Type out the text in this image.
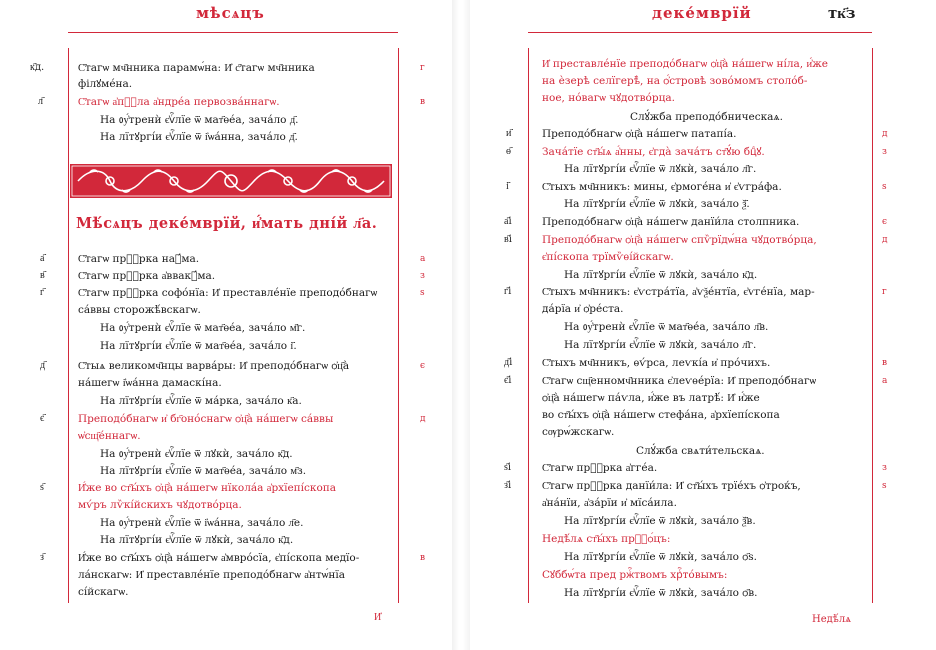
мѣсѧцъ
к҃д.
л҃
г
в
С҃тагѡ мч҃нника парамѡ́на: И҆ с҃тагѡ мч҃нника
філꙋме́на.
С҃тагѡ а҆пⷭ҇ла а҆ндре́а первозва́ннагѡ.
На ᲂу҆́тренѝ є҆ѵⷢ҇лїе ѿ мат҃ѳе́а, зача́ло д҃.
На лїтꙋргі́и є҆ѵⷢ҇лїе ѿ і҆ѡа́нна, зача́ло д҃.
Мѣ́сѧцъ деке́мврїй, и҆́мать дні́й л҃а.
а҃
в҃
г҃
д҃
є҃
ѕ҃
з҃
а
з
ѕ
є
д
в
С҃тагѡ прⷪ҇рка наꙋ́ма.
С҃тагѡ прⷪ҇рка а҆ввакꙋ́ма.
С҃тагѡ прⷪ҇рка софо́нїа: И҆ преставле́нїе преподо́бнагѡ
са́ввы сторожѣ́вскагѡ.
На ᲂу҆́тренѝ є҆ѵⷢ҇лїе ѿ мат҃ѳе́а, зача́ло м҃г.
На лїтꙋргі́и є҆ѵⷢ҇лїе ѿ мат҃ѳе́а, зача́ло і҃.
С҃тыѧ великомч҃нцы варва́ры: И҆ преподо́бнагѡ ѻ҆ц҃а̀
на́шегѡ і҆ѡа́нна дамаскі́на.
На лїтꙋргі́и є҆ѵⷢ҇лїе ѿ ма́рка, зача́ло к҃а.
Преподо́бнагѡ и҆ бг҃оно́снагѡ ѻ҆ц҃а̀ на́шегѡ са́ввы
ѡ҆сщ҃е́ннагѡ.
На ᲂу҆́тренѝ є҆ѵⷢ҇лїе ѿ лꙋкѝ, зача́ло к҃д.
На лїтꙋргі́и є҆ѵⷢ҇лїе ѿ мат҃ѳе́а, зача́ло м҃з.
И҆́же во ст҃ы́хъ ѻ҆ц҃а̀ на́шегѡ нїкола́а а҆рхїепі́скопа
мѵ́ръ лѷкі́йскихъ чꙋдотво́рца.
На ᲂу҆́тренѝ є҆ѵⷢ҇лїе ѿ і҆ѡа́нна, зача́ло л҃е.
На лїтꙋргі́и є҆ѵⷢ҇лїе ѿ лꙋкѝ, зача́ло к҃д.
И҆́же во ст҃ы́хъ ѻ҆ц҃а̀ на́шегѡ а҆мвро́сїа, є҆пі́скопа медїо-
ла́нскагѡ: И҆ преставле́нїе преподо́бнагѡ а҆нтѡ́нїа
сі́йскагѡ.
И҆
деке́мврїй	тк҃з
и҃
ѳ҃
і҃
а҃і
в҃і
г҃і
д҃і
є҃і
ѕ҃і
з҃і
д
з
ѕ
є
д
г
в
а
з
ѕ
И҆ преставле́нїе преподо́бнагѡ ѻ҆ц҃а̀ на́шегѡ ні́ла, и҆́же
на ѐзерѣ селїгерѣ̀, на ѻ҆́стровѣ зово́момъ столо́б-
ное, но́вагѡ чꙋдотво́рца.
Слꙋ́жба преподо́бническаѧ.
Преподо́бнагѡ ѻ҆ц҃а̀ на́шегѡ патапі́а.
Зача́тїе ст҃ы́ѧ а҆́нны, є҆гда̀ зача́тъ ст҃ꙋ́ю бцⷣꙋ.
На лїтꙋргі́и є҆ѵⷢ҇лїе ѿ лꙋкѝ, зача́ло л҃г.
С҃тыхъ мч҃нникъ: мины, є҆рмоге́на и҆ є҆ѵгра́фа.
На лїтꙋргі́и є҆ѵⷢ҇лїе ѿ лꙋкѝ, зача́ло ѯ҃.
Преподо́бнагѡ ѻ҆ц҃а̀ на́шегѡ данїи́ла столпника.
Преподо́бнагѡ ѻ҆ц҃а̀ на́шегѡ спѷрїдѡ́на чꙋдотво́рца,
є҆пі́скопа трїмѷѳі́йскагѡ.
На лїтꙋргі́и є҆ѵⷢ҇лїе ѿ лꙋкѝ, зача́ло к҃д.
С҃тыхъ мч҃нникъ: є҆ѵстра́тїа, а҆ѵѯе́нтїа, є҆ѵге́нїа, мар-
да́рїа и҆ ѻ҆ре́ста.
На ᲂу҆́тренѝ є҆ѵⷢ҇лїе ѿ мат҃ѳе́а, зача́ло л҃в.
На лїтꙋргі́и є҆ѵⷢ҇лїе ѿ лꙋкѝ, зача́ло л҃г.
С҃тыхъ мч҃нникъ, ѳѵ́рса, леѵкі́а и҆ про́чихъ.
С҃тагѡ сщ҃енномч҃нника є҆леѵѳе́рїа: И҆ преподо́бнагѡ
ѻ҆ц҃а̀ на́шегѡ па́ѵла, и҆́же въ латрѣ́: И҆ и҆́же
во ст҃ы́хъ ѻ҆ц҃а̀ на́шегѡ стефа́на, а҆рхїепі́скопа
сѹрѡ́жскагѡ.
Слꙋ́жба свѧти́тельскаѧ.
С҃тагѡ прⷪ҇рка а҆гге́а.
С҃тагѡ прⷪ҇рка данїи́ла: И҆ ст҃ы́хъ трїе́хъ ѻ҆троќъ,
а҆на́нїи, а҆за́рїи и҆ мїса́ила.
На лїтꙋргі́и є҆ѵⷢ҇лїе ѿ лꙋкѝ, зача́ло ѯ҃в.
Недѣ́лѧ ст҃ы́хъ прⷪ҇ѻ́цъ:
На лїтꙋргі́и є҆ѵⷢ҇лїе ѿ лꙋкѝ, зача́ло ѻ҃ѕ.
Сꙋббѡ́та пред ржⷭ҇твомъ хрⷭ҇то́вымъ:
На лїтꙋргі́и є҆ѵⷢ҇лїе ѿ лꙋкѝ, зача́ло ѻ҃в.
Недѣ́лѧ
